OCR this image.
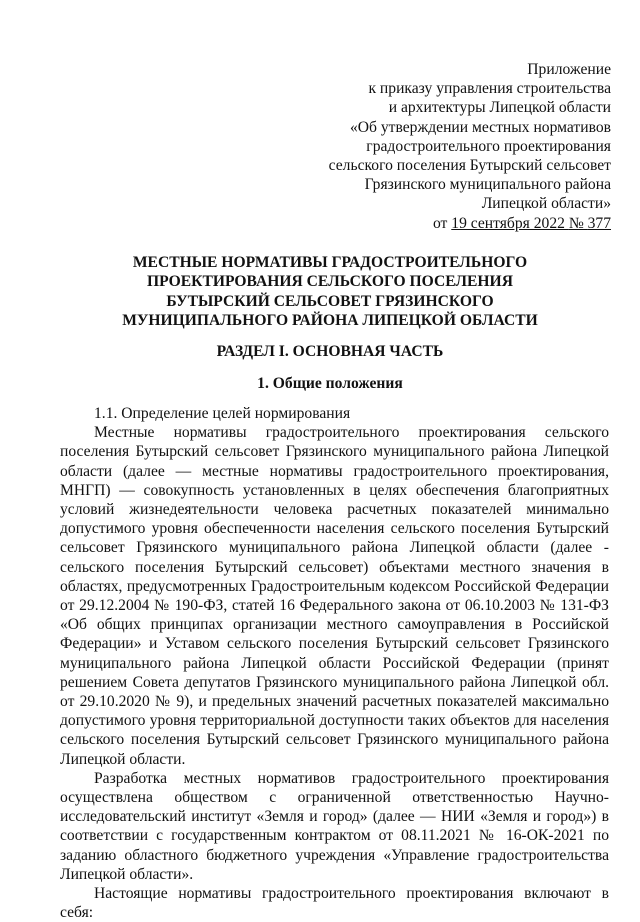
Приложение
к приказу управления строительства
и архитектуры Липецкой области
«Об утверждении местных нормативов
градостроительного проектирования
сельского поселения Бутырский сельсовет
Грязинского муниципального района
Липецкой области»
от 19 сентября 2022 № 377
МЕСТНЫЕ НОРМАТИВЫ ГРАДОСТРОИТЕЛЬНОГО
ПРОЕКТИРОВАНИЯ СЕЛЬСКОГО ПОСЕЛЕНИЯ
БУТЫРСКИЙ СЕЛЬСОВЕТ ГРЯЗИНСКОГО
МУНИЦИПАЛЬНОГО РАЙОНА ЛИПЕЦКОЙ ОБЛАСТИ
РАЗДЕЛ I. ОСНОВНАЯ ЧАСТЬ
1. Общие положения

1.1. Определение целей нормирования

Местные нормативы градостроительного проектирования сельского поселения Бутырский сельсовет Грязинского муниципального района Липецкой области (далее — местные нормативы градостроительного проектирования, МНГП) — совокупность установленных в целях обеспечения благоприятных условий жизнедеятельности человека расчетных показателей минимально допустимого уровня обеспеченности населения сельского поселения Бутырский сельсовет Грязинского муниципального района Липецкой области (далее - сельского поселения Бутырский сельсовет) объектами местного значения в областях, предусмотренных Градостроительным кодексом Российской Федерации от 29.12.2004 № 190-ФЗ, статей 16 Федерального закона от 06.10.2003 № 131-ФЗ «Об общих принципах организации местного самоуправления в Российской Федерации» и Уставом сельского поселения Бутырский сельсовет Грязинского муниципального района Липецкой области Российской Федерации (принят решением Совета депутатов Грязинского муниципального района Липецкой обл. от 29.10.2020 № 9), и предельных значений расчетных показателей максимально допустимого уровня территориальной доступности таких объектов для населения сельского поселения Бутырский сельсовет Грязинского муниципального района Липецкой области.

Разработка местных нормативов градостроительного проектирования осуществлена обществом с ограниченной ответственностью Научно-исследовательский институт «Земля и город» (далее — НИИ «Земля и город») в соответствии с государственным контрактом от 08.11.2021 № 16-ОК-2021 по заданию областного бюджетного учреждения «Управление градостроительства Липецкой области».

Настоящие нормативы градостроительного проектирования включают в себя:
